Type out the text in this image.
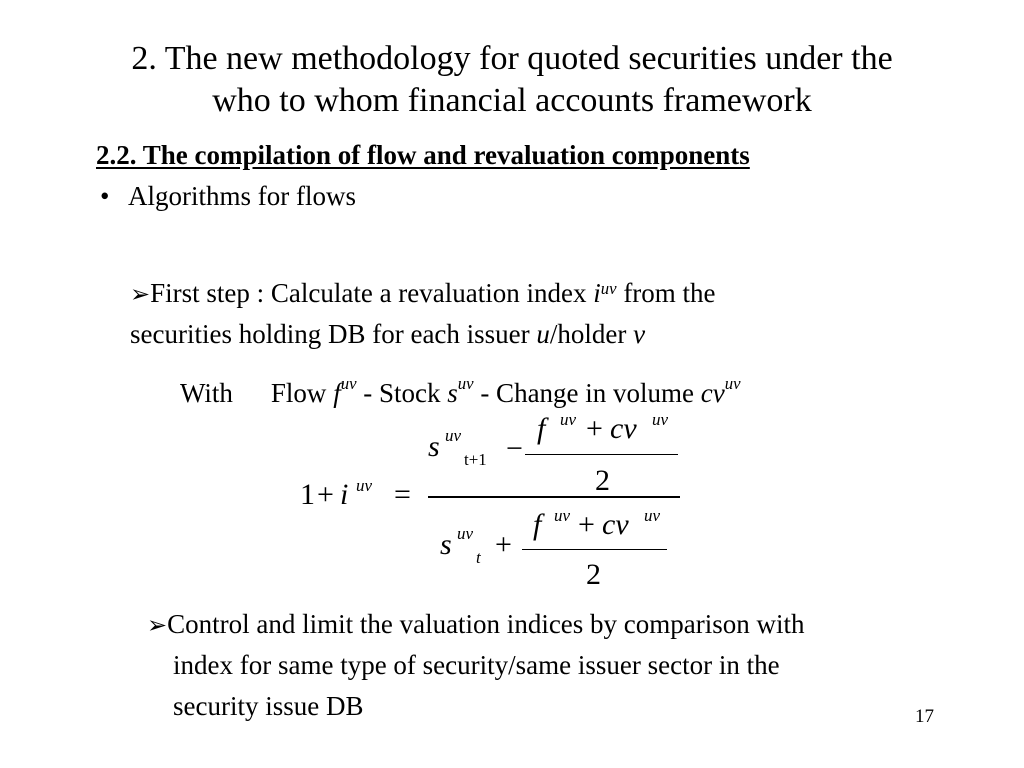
2. The new methodology for quoted securities under the
who to whom financial accounts framework
2.2. The compilation of flow and revaluation components
• Algorithms for flows
➢First step : Calculate a revaluation index $i^{uv}$ from the
securities holding DB for each issuer u/holder v
With Flow $f^{uv}$ - Stock $s^{uv}$ - Change in volume $cv^{uv}$
1 + i uv =
s uv
t+1 −
f uv + cv uv
2
s uv
t +
f uv + cv uv
2
➢Control and limit the valuation indices by comparison with
index for same type of security/same issuer sector in the
security issue DB	17
